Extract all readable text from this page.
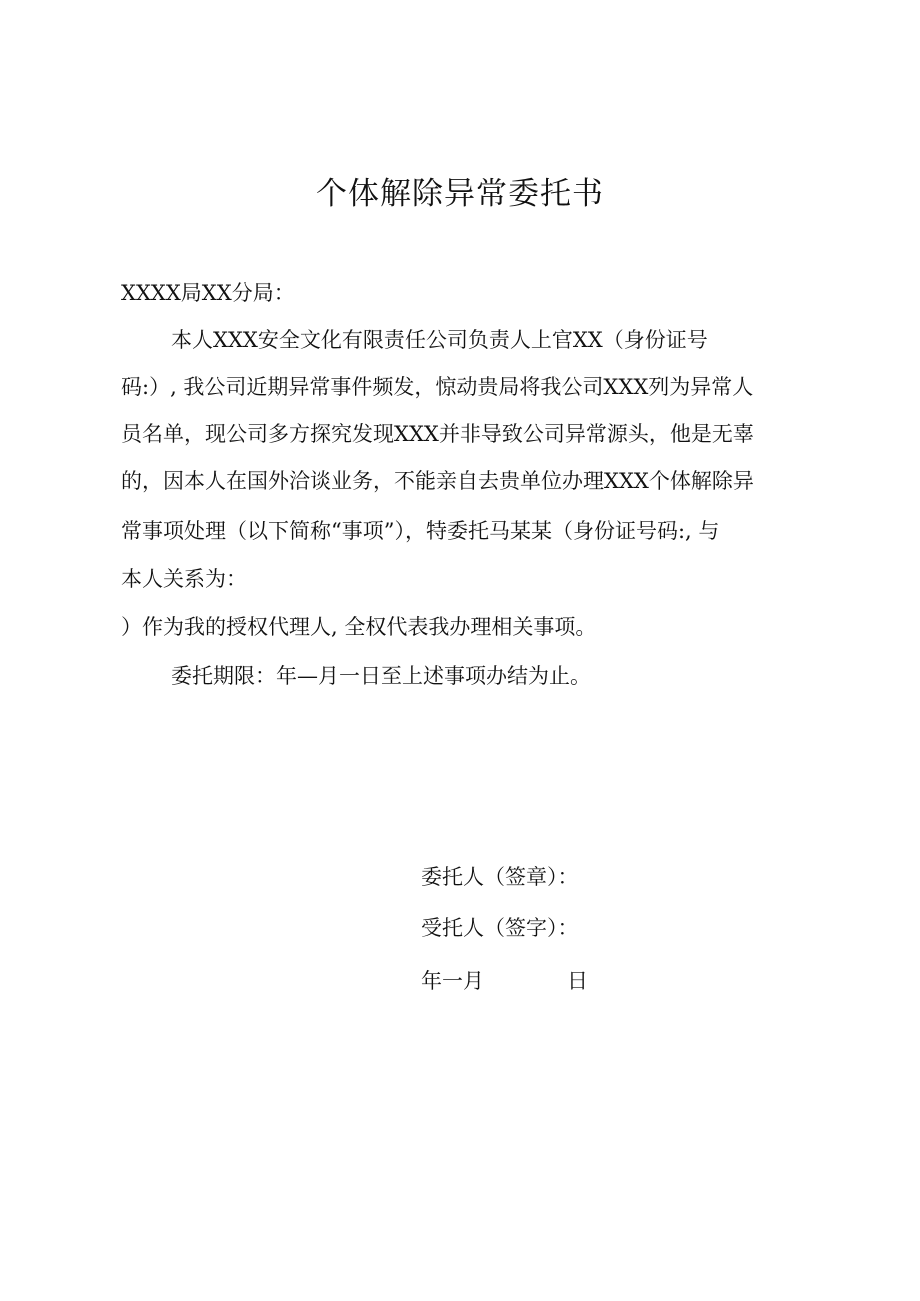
个体解除异常委托书
XXXX局XX分局：
本人XXX安全文化有限责任公司负责人上官XX（身份证号
码:）, 我公司近期异常事件频发，惊动贵局将我公司XXX列为异常人
员名单，现公司多方探究发现XXX并非导致公司异常源头，他是无辜
的，因本人在国外洽谈业务，不能亲自去贵单位办理XXX个体解除异
常事项处理（以下简称“事项”），特委托马某某（身份证号码:, 与
本人关系为：
）作为我的授权代理人, 全权代表我办理相关事项。
委托期限：年—月一日至上述事项办结为止。
委托人（签章）：
受托人（签字）：
年一月	日
